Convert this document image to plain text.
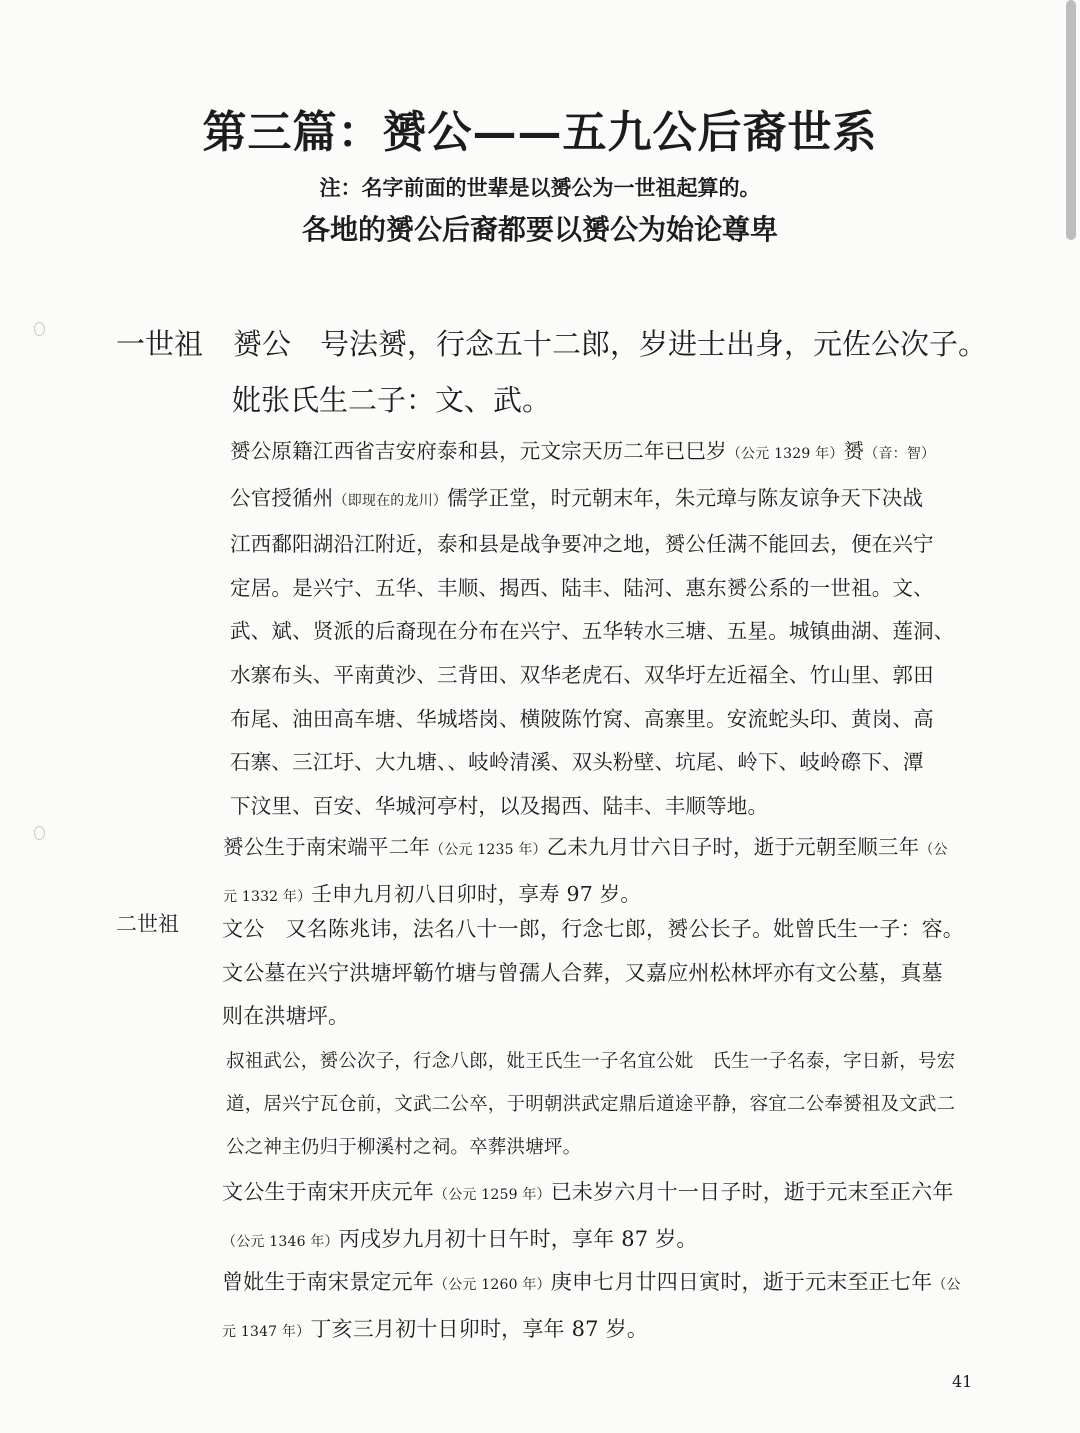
第三篇：赟公——五九公后裔世系
注：名字前面的世辈是以赟公为一世祖起算的。
各地的赟公后裔都要以赟公为始论尊卑
一世祖 赟公 号法赟，行念五十二郎，岁进士出身，元佐公次子。
妣张氏生二子：文、武。
赟公原籍江西省吉安府泰和县，元文宗天历二年已巳岁（公元 1329 年）赟（音：智）
公官授循州（即现在的龙川）儒学正堂，时元朝末年，朱元璋与陈友谅争天下决战
江西鄱阳湖沿江附近，泰和县是战争要冲之地，赟公任满不能回去，便在兴宁
定居。是兴宁、五华、丰顺、揭西、陆丰、陆河、惠东赟公系的一世祖。文、
武、斌、贤派的后裔现在分布在兴宁、五华转水三塘、五星。城镇曲湖、莲洞、
水寨布头、平南黄沙、三背田、双华老虎石、双华圩左近福全、竹山里、郭田
布尾、油田高车塘、华城塔岗、横陂陈竹窝、高寨里。安流蛇头印、黄岗、高
石寨、三江圩、大九塘、、岐岭清溪、双头粉壁、坑尾、岭下、岐岭磜下、潭
下汶里、百安、华城河亭村，以及揭西、陆丰、丰顺等地。
赟公生于南宋端平二年（公元 1235 年）乙未九月廿六日子时，逝于元朝至顺三年（公
元 1332 年）壬申九月初八日卯时，享寿 97 岁。
二世祖 文公　又名陈兆讳，法名八十一郎，行念七郎，赟公长子。妣曾氏生一子：容。
文公墓在兴宁洪塘坪簕竹塘与曾孺人合葬，又嘉应州松林坪亦有文公墓，真墓
则在洪塘坪。
叔祖武公，赟公次子，行念八郎，妣王氏生一子名宜公妣　氏生一子名泰，字日新，号宏
道，居兴宁瓦仓前，文武二公卒，于明朝洪武定鼎后道途平静，容宜二公奉赟祖及文武二
公之神主仍归于柳溪村之祠。卒葬洪塘坪。
文公生于南宋开庆元年（公元 1259 年）已未岁六月十一日子时，逝于元末至正六年
（公元 1346 年）丙戌岁九月初十日午时，享年 87 岁。
曾妣生于南宋景定元年（公元 1260 年）庚申七月廿四日寅时，逝于元末至正七年（公
元 1347 年）丁亥三月初十日卯时，享年 87 岁。
41
